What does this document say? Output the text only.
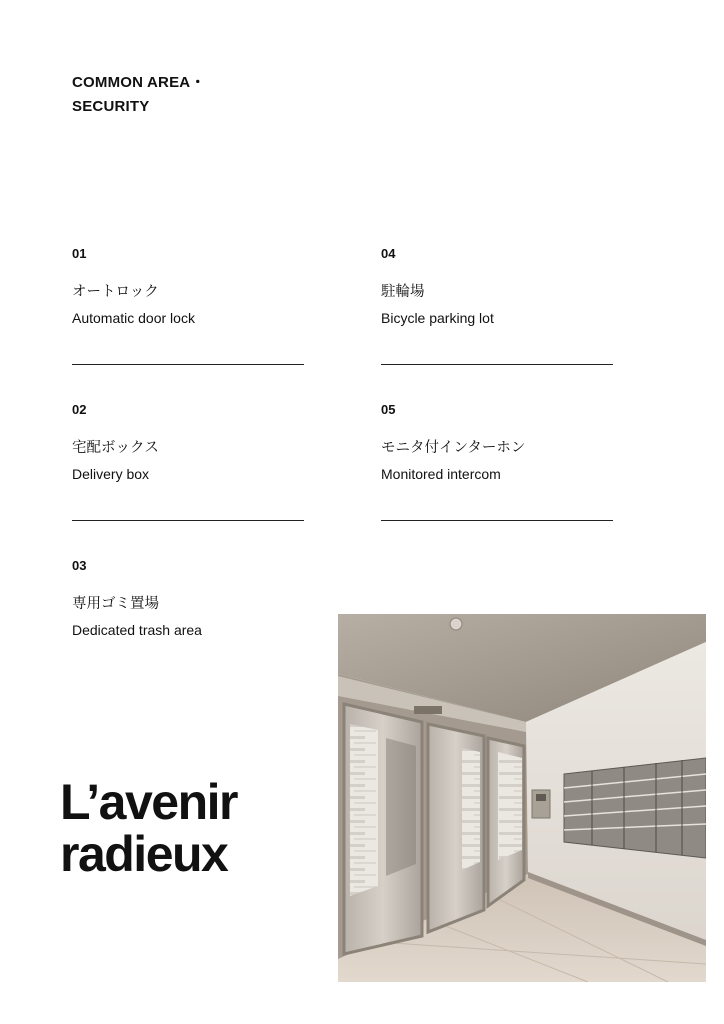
COMMON AREA・
SECURITY
01
オートロック
Automatic door lock
02
宅配ボックス
Delivery box
03
専用ゴミ置場
Dedicated trash area
04
駐輪場
Bicycle parking lot
05
モニタ付インターホン
Monitored intercom
L’avenir
radieux
